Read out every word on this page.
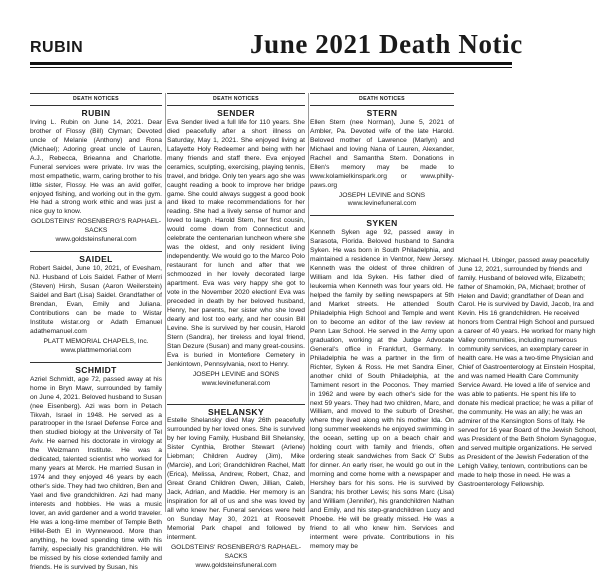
RUBIN	June 2021 Death Notic
DEATH NOTICES
RUBIN

Irving L. Rubin on June 14, 2021. Dear brother of Flossy (Bill) Clyman; Devoted uncle of Melanie (Anthony) and Rona (Michael); Adoring great uncle of Lauren, A.J., Rebecca, Brieanna and Charlotte. Funeral services were private. Irv was the most empathetic, warm, caring brother to his little sister, Flossy. He was an avid golfer, enjoyed fishing, and working out in the gym. He had a strong work ethic and was just a nice guy to know.

GOLDSTEINS' ROSENBERG'S RAPHAEL-SACKS

www.goldsteinsfuneral.com

SAIDEL

Robert Saidel, June 10, 2021, of Evesham, NJ. Husband of Lois Saidel. Father of Merri (Steven) Hirsh, Susan (Aaron Weilerstein) Saidel and Bart (Lisa) Saidel. Grandfather of Brendan, Evan, Emily and Juliana. Contributions can be made to Wistar Institute wistar.org or Adath Emanuel adathemanuel.com

PLATT MEMORIAL CHAPELS, Inc.

www.plattmemorial.com

SCHMIDT

Azriel Schmidt, age 72, passed away at his home in Bryn Mawr, surrounded by family on June 4, 2021. Beloved husband to Susan (nee Eisenberg). Azi was born in Petach Tikvah, Israel in 1948. He served as a paratrooper in the Israel Defense Force and then studied biology at the University of Tel Aviv. He earned his doctorate in virology at the Weizmann Institute. He was a dedicated, talented scientist who worked for many years at Merck. He married Susan in 1974 and they enjoyed 46 years by each other's side. They had two children, Ben and Yael and five grandchildren. Azi had many interests and hobbies. He was a music lover, an avid gardener and a world traveler. He was a long-time member of Temple Beth Hillel-Beth El in Wynnewood. More than anything, he loved spending time with his family, especially his grandchildren. He will be missed by his close extended family and friends. He is survived by Susan, his

DEATH NOTICES
SENDER

Eva Sender lived a full life for 110 years. She died peacefully after a short illness on Saturday, May 1, 2021. She enjoyed living at Lafayette Holy Redeemer and being with her many friends and staff there. Eva enjoyed ceramics, sculpting, exercising, playing tennis, travel, and bridge. Only ten years ago she was caught reading a book to improve her bridge game. She could always suggest a good book and liked to make recommendations for her reading. She had a lively sense of humor and loved to laugh. Harold Stern, her first cousin, would come down from Connecticut and celebrate the centenarian luncheon where she was the oldest, and only resident living independently. We would go to the Marco Polo restaurant for lunch and after that we schmoozed in her lovely decorated large apartment. Eva was very happy she got to vote in the November 2020 election! Eva was preceded in death by her beloved husband, Henry, her parents, her sister who she loved dearly and lost too early, and her cousin Bill Levine. She is survived by her cousin, Harold Stern (Sandra), her tireless and loyal friend, Stan Dezure (Susan) and many great-cousins. Eva is buried in Montefiore Cemetery in Jenkintown, Pennsylvania, next to Henry.

JOSEPH LEVINE and SONS

www.levinefuneral.com

SHELANSKY

Estelle Shelansky died May 26th peacefully surrounded by her loved ones. She is survived by her loving Family, Husband Bill Shelansky, Sister Cynthia, Brother Stewart (Arlene) Liebman; Children Audrey (Jim), Mike (Marcie), and Lori; Grandchildren Rachel, Matt (Erica), Melissa, Andrew, Robert, Chaz, and Great Grand Children Owen, Jillian, Caleb, Jack, Adrian, and Maddie. Her memory is an inspiration for all of us and she was loved by all who knew her. Funeral services were held on Sunday May 30, 2021 at Roosevelt Memorial Park chapel and followed by interment.

GOLDSTEINS' ROSENBERG'S RAPHAEL-SACKS

www.goldsteinsfuneral.com

DEATH NOTICES
STERN

Ellen Stern (nee Norman), June 5, 2021 of Ambler, Pa. Devoted wife of the late Harold. Beloved mother of Lawrence (Marlyn) and Michael and loving Nana of Lauren, Alexander, Rachel and Samantha Stern. Donations in Ellen's memory may be made to www.kolamielkinspark.org or www.philly-paws.org

JOSEPH LEVINE and SONS

www.levinefuneral.com

SYKEN

Kenneth Syken age 92, passed away in Sarasota, Florida. Beloved husband to Sandra Syken. He was born in South Philadelphia, and maintained a residence in Ventnor, New Jersey. Kenneth was the oldest of three children of William and Ida Syken. His father died of leukemia when Kenneth was four years old. He helped the family by selling newspapers at 5th and Market streets. He attended South Philadelphia High School and Temple and went on to become an editor of the law review at Penn Law School. He served in the Army upon graduation, working at the Judge Advocate General's office in Frankfurt, Germany. In Philadelphia he was a partner in the firm of Richter, Syken & Ross. He met Sandra Einer, another child of South Philadelphia, at the Tamiment resort in the Poconos. They married in 1962 and were by each other's side for the next 59 years. They had two children, Marc, and William, and moved to the suburb of Dresher, where they lived along with his mother Ida. On long summer weekends he enjoyed swimming in the ocean, setting up on a beach chair and holding court with family and friends, often ordering steak sandwiches from Sack O' Subs for dinner. An early riser, he would go out in the morning and come home with a newspaper and Hershey bars for his sons. He is survived by Sandra; his brother Lewis; his sons Marc (Lisa) and William (Jennifer), his grandchildren Nathan and Emily, and his step-grandchildren Lucy and Phoebe. He will be greatly missed. He was a friend to all who knew him. Services and interment were private. Contributions in his memory may be

Michael H. Ubinger, passed away peacefully June 12, 2021, surrounded by friends and family. Husband of beloved wife, Elizabeth; father of Shamokin, PA, Michael; brother of Helen and David; grandfather of Dean and Carol. He is survived by David, Jacob, Ira and Kevin. His 16 grandchildren. He received honors from Central High School and pursued a career of 40 years. He worked for many high Valley communities, including numerous community services, an exemplary career in health care. He was a two-time Physician and Chief of Gastroenterology at Einstein Hospital, and was named Health Care Community Service Award. He loved a life of service and was able to patients. He spent his life to donate his medical practice; he was a pillar of the community. He was an ally; he was an admirer of the Kensington Sons of Italy. He served for 16 year Board of the Jewish School, was President of the Beth Sholom Synagogue, and served multiple organizations. He served as President of the Jewish Federation of the Lehigh Valley, tenlown, contributions can be made to help those in need. He was a Gastroenterology Fellowship.
